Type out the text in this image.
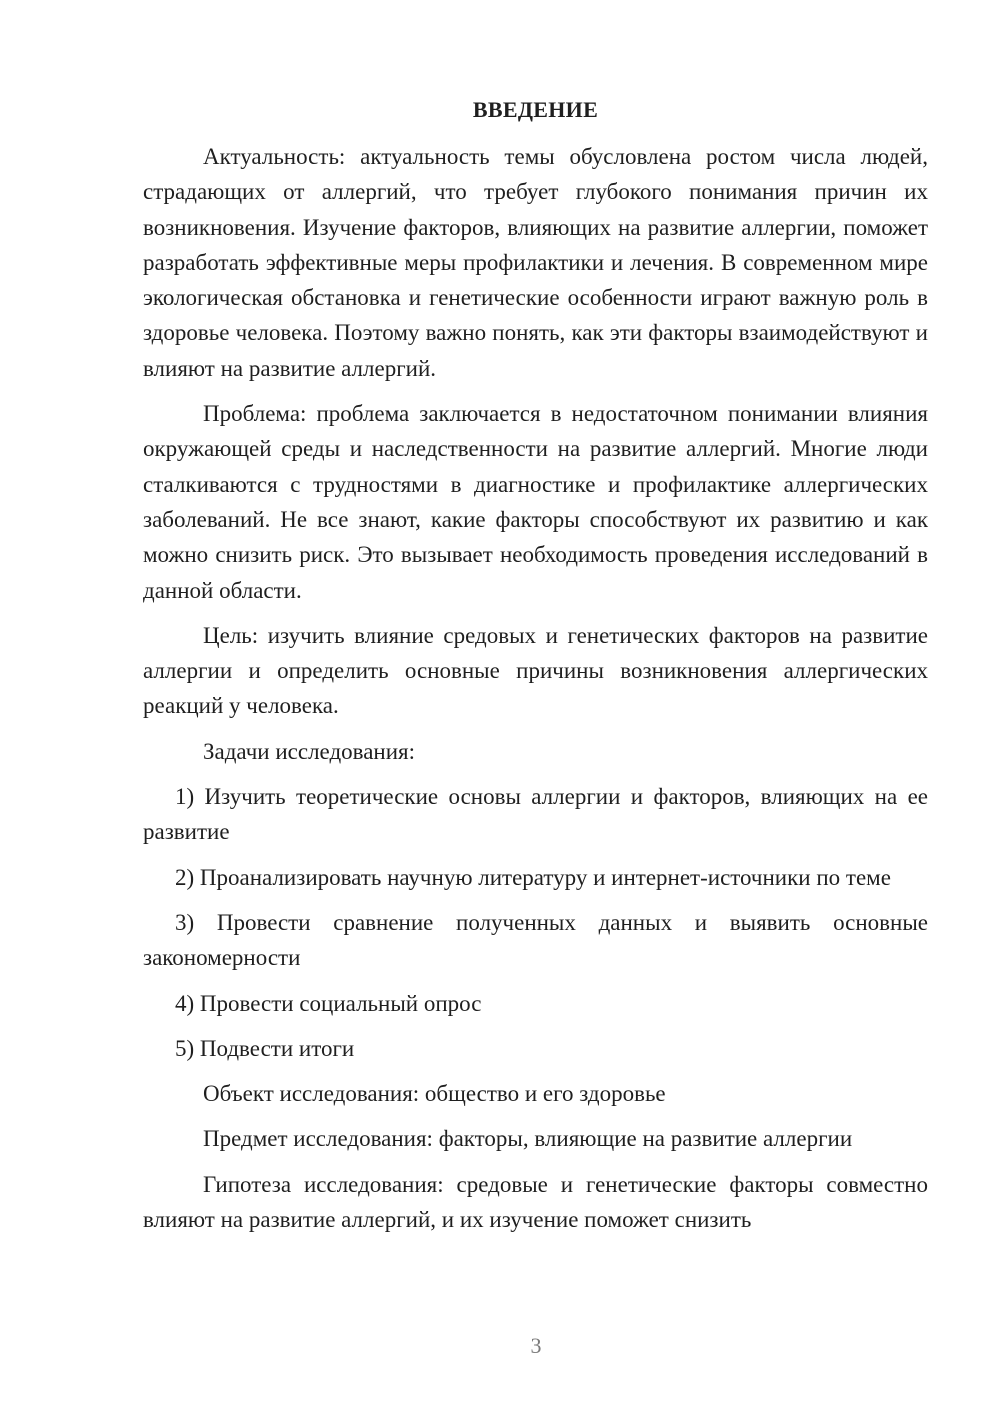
ВВЕДЕНИЕ

Актуальность: актуальность темы обусловлена ростом числа людей, страдающих от аллергий, что требует глубокого понимания причин их возникновения. Изучение факторов, влияющих на развитие аллергии, поможет разработать эффективные меры профилактики и лечения. В современном мире экологическая обстановка и генетические особенности играют важную роль в здоровье человека. Поэтому важно понять, как эти факторы взаимодействуют и влияют на развитие аллергий.

Проблема: проблема заключается в недостаточном понимании влияния окружающей среды и наследственности на развитие аллергий. Многие люди сталкиваются с трудностями в диагностике и профилактике аллергических заболеваний. Не все знают, какие факторы способствуют их развитию и как можно снизить риск. Это вызывает необходимость проведения исследований в данной области.

Цель: изучить влияние средовых и генетических факторов на развитие аллергии и определить основные причины возникновения аллергических реакций у человека.

Задачи исследования:

1) Изучить теоретические основы аллергии и факторов, влияющих на ее развитие

2) Проанализировать научную литературу и интернет-источники по теме

3) Провести сравнение полученных данных и выявить основные закономерности

4) Провести социальный опрос

5) Подвести итоги

Объект исследования: общество и его здоровье

Предмет исследования: факторы, влияющие на развитие аллергии

Гипотеза исследования: средовые и генетические факторы совместно влияют на развитие аллергий, и их изучение поможет снизить

3
